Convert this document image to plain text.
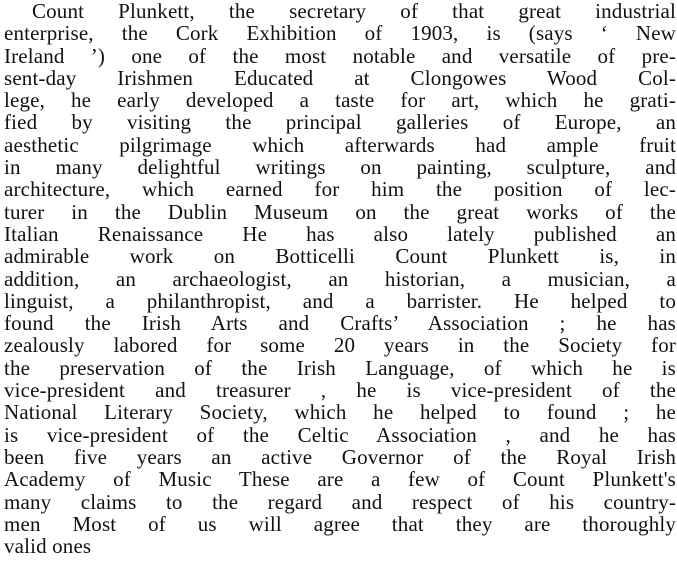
Count Plunkett, the secretary of that great industrial
enterprise, the Cork Exhibition of 1903, is (says ‘ New
Ireland ’) one of the most notable and versatile of pre-
sent-day Irishmen Educated at Clongowes Wood Col-
lege, he early developed a taste for art, which he grati-
fied by visiting the principal galleries of Europe, an
aesthetic pilgrimage which afterwards had ample fruit
in many delightful writings on painting, sculpture, and
architecture, which earned for him the position of lec-
turer in the Dublin Museum on the great works of the
Italian Renaissance He has also lately published an
admirable work on Botticelli Count Plunkett is, in
addition, an archaeologist, an historian, a musician, a
linguist, a philanthropist, and a barrister. He helped to
found the Irish Arts and Crafts’ Association ; he has
zealously labored for some 20 years in the Society for
the preservation of the Irish Language, of which he is
vice-president and treasurer , he is vice-president of the
National Literary Society, which he helped to found ; he
is vice-president of the Celtic Association , and he has
been five years an active Governor of the Royal Irish
Academy of Music These are a few of Count Plunkett's
many claims to the regard and respect of his country-
men Most of us will agree that they are thoroughly
valid ones
